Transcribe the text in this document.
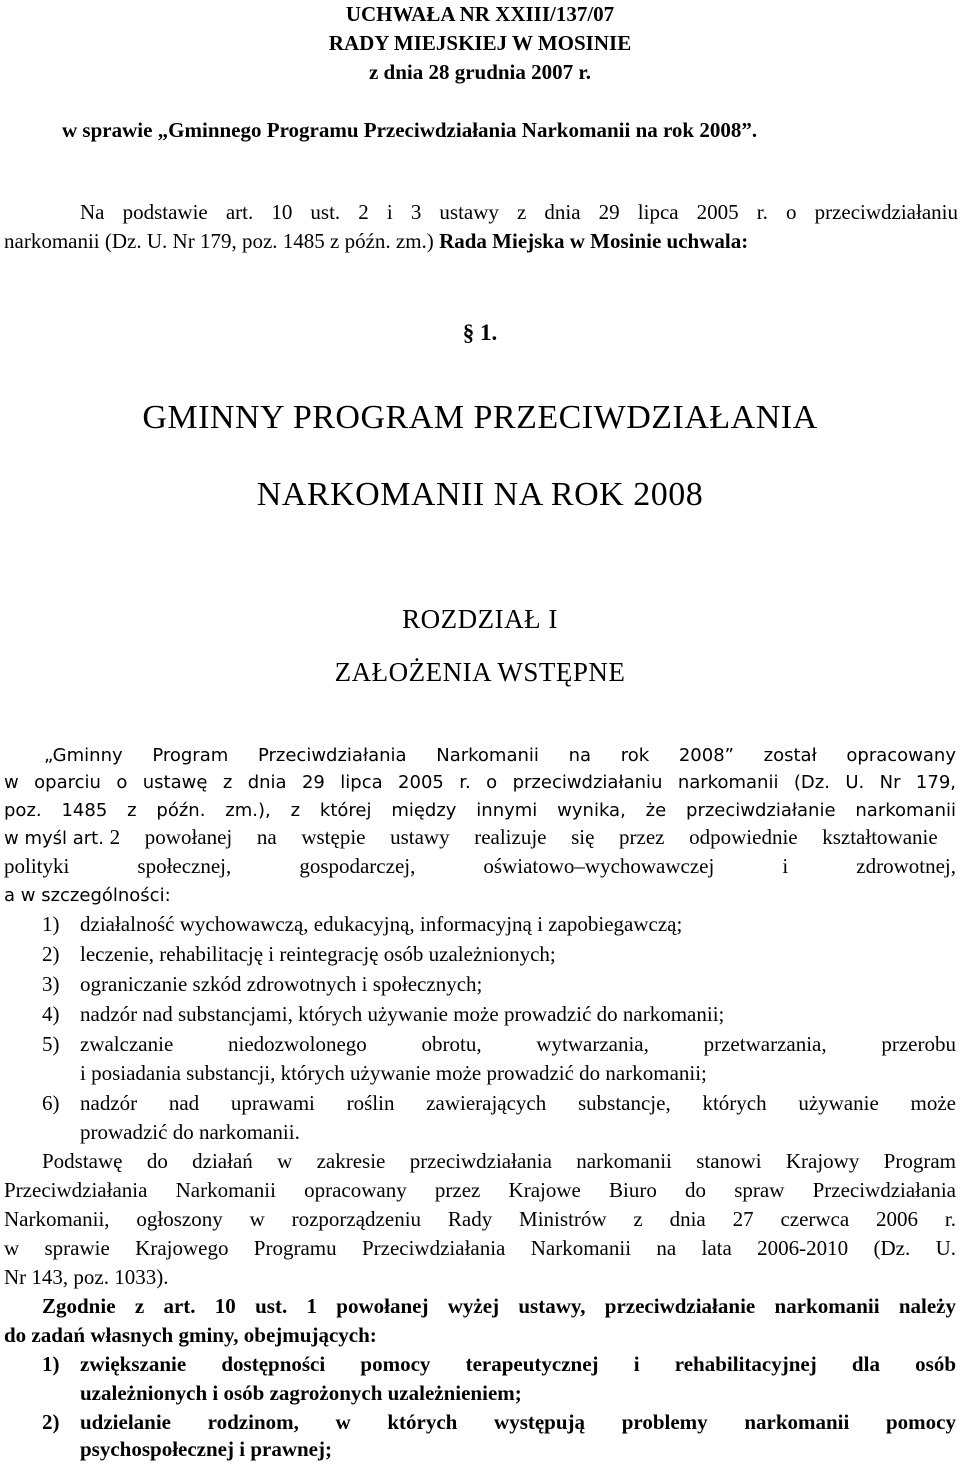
UCHWAŁA NR XXIII/137/07
RADY MIEJSKIEJ W MOSINIE
z dnia 28 grudnia 2007 r.
w sprawie „Gminnego Programu Przeciwdziałania Narkomanii na rok 2008”.
Na podstawie art. 10 ust. 2 i 3 ustawy z dnia 29 lipca 2005 r. o przeciwdziałaniu
narkomanii (Dz. U. Nr 179, poz. 1485 z późn. zm.) Rada Miejska w Mosinie uchwala:
§ 1.
GMINNY PROGRAM PRZECIWDZIAŁANIA
NARKOMANII NA ROK 2008
ROZDZIAŁ I
ZAŁOŻENIA WSTĘPNE
„Gminny Program Przeciwdziałania Narkomanii na rok 2008” został opracowany
w oparciu o ustawę z dnia 29 lipca 2005 r. o przeciwdziałaniu narkomanii (Dz. U. Nr 179,
poz. 1485 z późn. zm.), z której między innymi wynika, że przeciwdziałanie narkomanii
w myśl art. 2 powołanej na wstępie ustawy realizuje się przez odpowiednie kształtowanie
polityki społecznej, gospodarczej, oświatowo–wychowawczej i zdrowotnej,
a w szczególności:
1) działalność wychowawczą, edukacyjną, informacyjną i zapobiegawczą;
2) leczenie, rehabilitację i reintegrację osób uzależnionych;
3) ograniczanie szkód zdrowotnych i społecznych;
4) nadzór nad substancjami, których używanie może prowadzić do narkomanii;
5) zwalczanie niedozwolonego obrotu, wytwarzania, przetwarzania, przerobu
i posiadania substancji, których używanie może prowadzić do narkomanii;
6) nadzór nad uprawami roślin zawierających substancje, których używanie może
prowadzić do narkomanii.
Podstawę do działań w zakresie przeciwdziałania narkomanii stanowi Krajowy Program
Przeciwdziałania Narkomanii opracowany przez Krajowe Biuro do spraw Przeciwdziałania
Narkomanii, ogłoszony w rozporządzeniu Rady Ministrów z dnia 27 czerwca 2006 r.
w sprawie Krajowego Programu Przeciwdziałania Narkomanii na lata 2006-2010 (Dz. U.
Nr 143, poz. 1033).
Zgodnie z art. 10 ust. 1 powołanej wyżej ustawy, przeciwdziałanie narkomanii należy
do zadań własnych gminy, obejmujących:
1) zwiększanie dostępności pomocy terapeutycznej i rehabilitacyjnej dla osób
uzależnionych i osób zagrożonych uzależnieniem;
2) udzielanie rodzinom, w których występują problemy narkomanii pomocy
psychospołecznej i prawnej;
